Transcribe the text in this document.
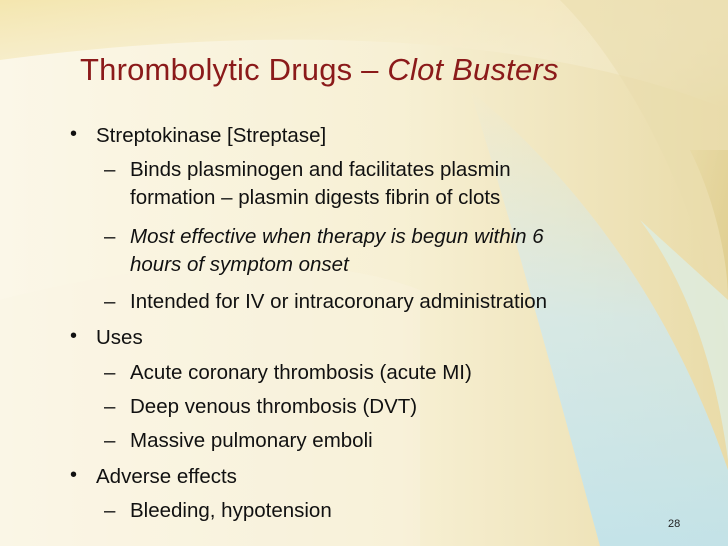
Thrombolytic Drugs – Clot Busters
• Streptokinase [Streptase]
– Binds plasminogen and facilitates plasmin
formation – plasmin digests fibrin of clots
– Most effective when therapy is begun within 6
hours of symptom onset
– Intended for IV or intracoronary administration
• Uses
– Acute coronary thrombosis (acute MI)
– Deep venous thrombosis (DVT)
– Massive pulmonary emboli
• Adverse effects
– Bleeding, hypotension
28
